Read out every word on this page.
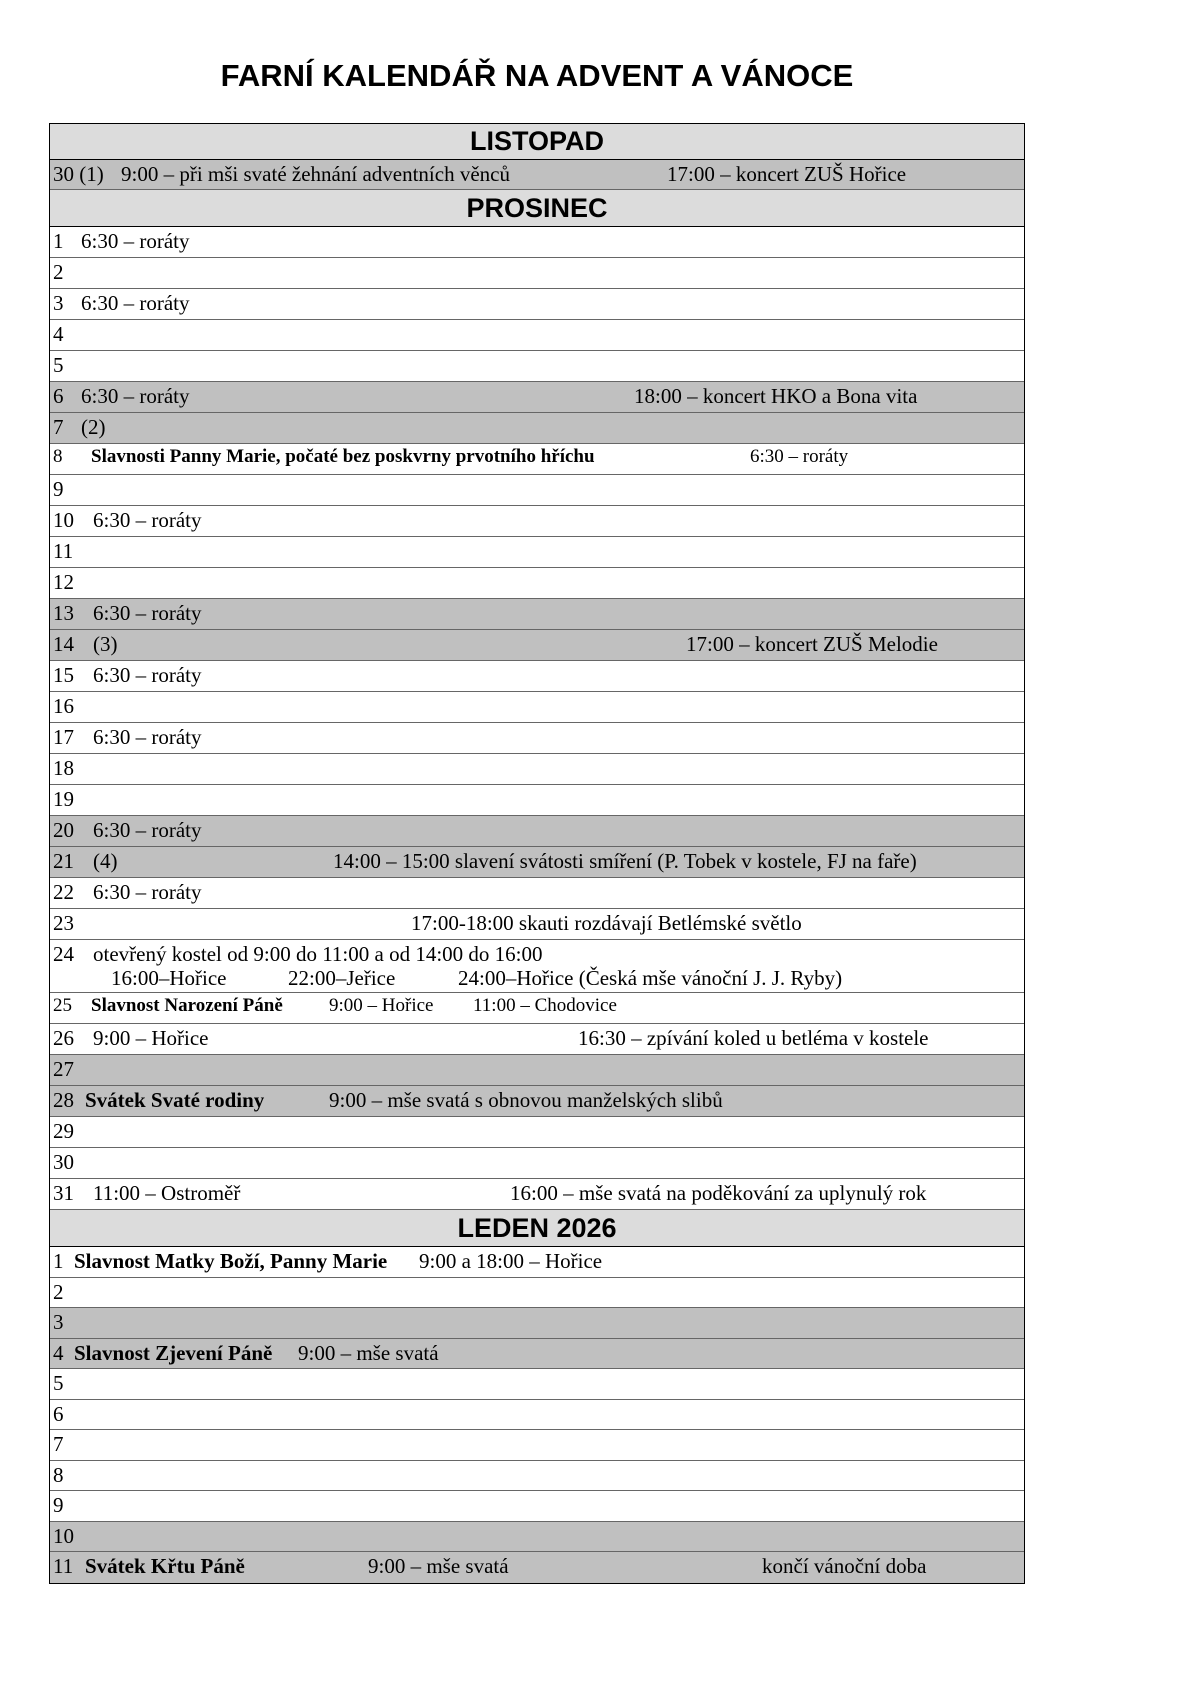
FARNÍ KALENDÁŘ NA ADVENT A VÁNOCE
LISTOPAD
30 (1) 9:00 – při mši svaté žehnání adventních věnců	17:00 – koncert ZUŠ Hořice
PROSINEC
1 6:30 – roráty
2
3 6:30 – roráty
4
5
6 6:30 – roráty	18:00 – koncert HKO a Bona vita
7 (2)
8 Slavnosti Panny Marie, počaté bez poskvrny prvotního hříchu	6:30 – roráty
9
10 6:30 – roráty
11
12
13 6:30 – roráty
14 (3)	17:00 – koncert ZUŠ Melodie
15 6:30 – roráty
16
17 6:30 – roráty
18
19
20 6:30 – roráty
21 (4)	14:00 – 15:00 slavení svátosti smíření (P. Tobek v kostele, FJ na faře)
22 6:30 – roráty
23	17:00-18:00 skauti rozdávají Betlémské světlo
24 otevřený kostel od 9:00 do 11:00 a od 14:00 do 16:00
16:00–Hořice	22:00–Jeřice	24:00–Hořice (Česká mše vánoční J. J. Ryby)
25 Slavnost Narození Páně 9:00 – Hořice 11:00 – Chodovice
26 9:00 – Hořice	16:30 – zpívání koled u betléma v kostele
27
28 Svátek Svaté rodiny	9:00 – mše svatá s obnovou manželských slibů
29
30
31 11:00 – Ostroměř	16:00 – mše svatá na poděkování za uplynulý rok
LEDEN 2026
1 Slavnost Matky Boží, Panny Marie 9:00 a 18:00 – Hořice
2
3
4 Slavnost Zjevení Páně 9:00 – mše svatá
5
6
7
8
9
10
11 Svátek Křtu Páně	9:00 – mše svatá	končí vánoční doba
